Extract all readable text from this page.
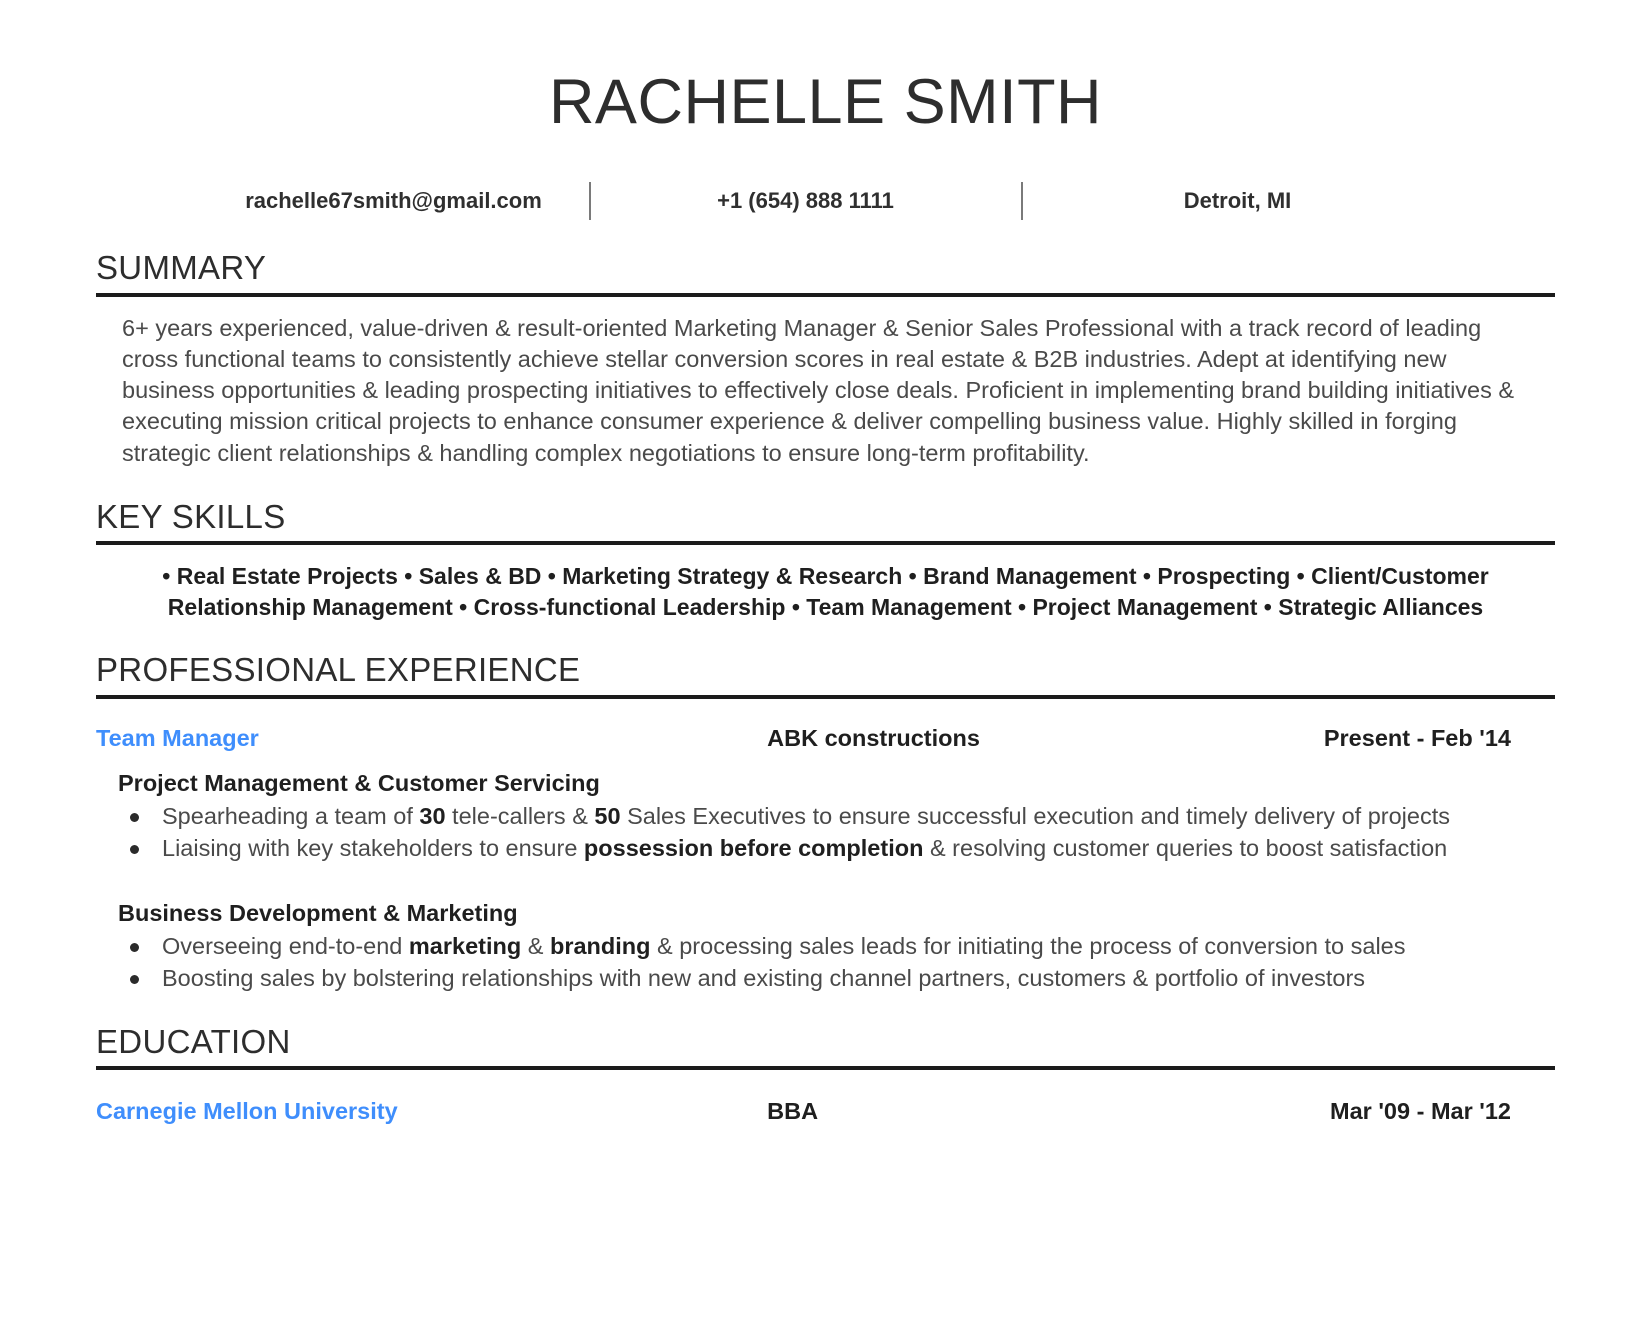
RACHELLE SMITH
rachelle67smith@gmail.com	+1 (654) 888 1111	Detroit, MI
SUMMARY
6+ years experienced, value-driven & result-oriented Marketing Manager & Senior Sales Professional with a track record of leading cross functional teams to consistently achieve stellar conversion scores in real estate & B2B industries. Adept at identifying new business opportunities & leading prospecting initiatives to effectively close deals. Proficient in implementing brand building initiatives & executing mission critical projects to enhance consumer experience & deliver compelling business value. Highly skilled in forging strategic client relationships & handling complex negotiations to ensure long-term profitability.
KEY SKILLS
• Real Estate Projects • Sales & BD • Marketing Strategy & Research • Brand Management • Prospecting • Client/Customer Relationship Management • Cross-functional Leadership • Team Management • Project Management • Strategic Alliances
PROFESSIONAL EXPERIENCE
Team Manager	ABK constructions	Present - Feb '14
Project Management & Customer Servicing
Spearheading a team of 30 tele-callers & 50 Sales Executives to ensure successful execution and timely delivery of projects
Liaising with key stakeholders to ensure possession before completion & resolving customer queries to boost satisfaction
Business Development & Marketing
Overseeing end-to-end marketing & branding & processing sales leads for initiating the process of conversion to sales
Boosting sales by bolstering relationships with new and existing channel partners, customers & portfolio of investors
EDUCATION
Carnegie Mellon University	BBA	Mar '09 - Mar '12
